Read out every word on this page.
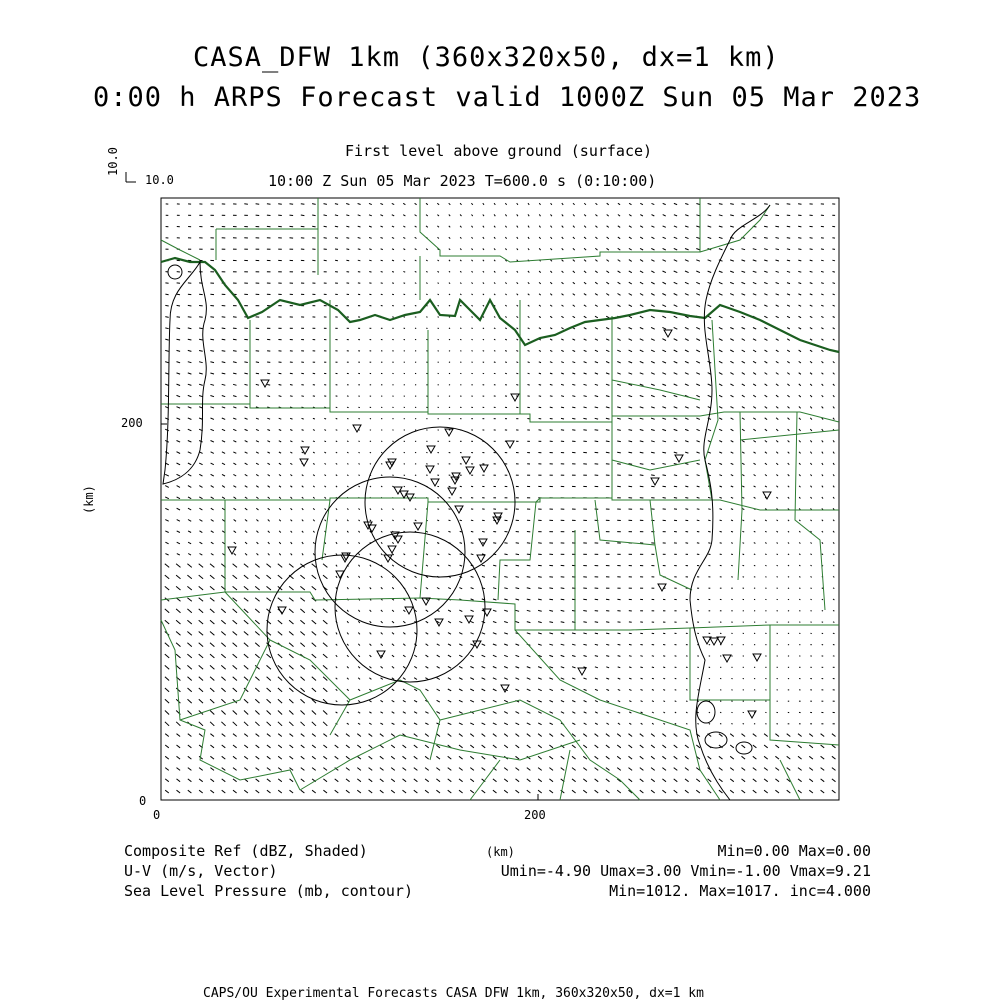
CASA_DFW 1km (360x320x50, dx=1 km)
0:00 h ARPS Forecast valid 1000Z Sun 05 Mar 2023
First level above ground (surface)
10:00 Z Sun 05 Mar 2023 T=600.0 s (0:10:00)
10.0
10.0
(km)
200
0
0	200
Composite Ref (dBZ, Shaded)	(km)	Min=0.00 Max=0.00
U-V (m/s, Vector)	Umin=-4.90 Umax=3.00 Vmin=-1.00 Vmax=9.21
Sea Level Pressure (mb, contour)	Min=1012. Max=1017. inc=4.000
CAPS/OU Experimental Forecasts CASA DFW 1km, 360x320x50, dx=1 km
